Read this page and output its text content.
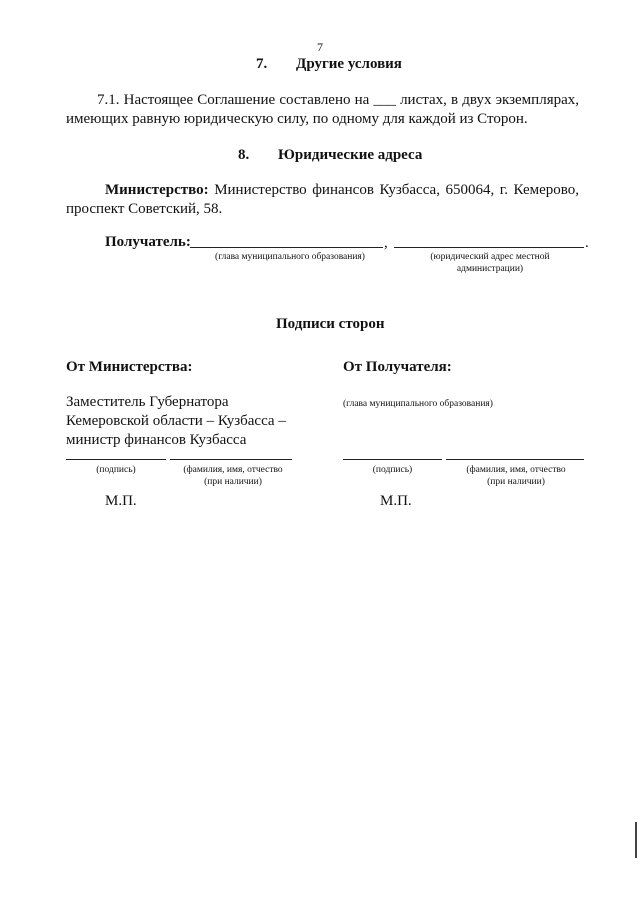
7
7. Другие условия
7.1. Настоящее Соглашение составлено на ___ листах, в двух экземплярах,
имеющих равную юридическую силу, по одному для каждой из Сторон.
8. Юридические адреса
Министерство: Министерство финансов Кузбасса, 650064, г. Кемерово,
проспект Советский, 58.
Получатель:	,	.
(глава муниципального образования)	(юридический адрес местной
администрации)
Подписи сторон
От Министерства:
Заместитель Губернатора
Кемеровской области – Кузбасса –
министр финансов Кузбасса
(подпись)	(фамилия, имя, отчество
(при наличии)
М.П.
От Получателя:
(глава муниципального образования)
(подпись)	(фамилия, имя, отчество
(при наличии)
М.П.
